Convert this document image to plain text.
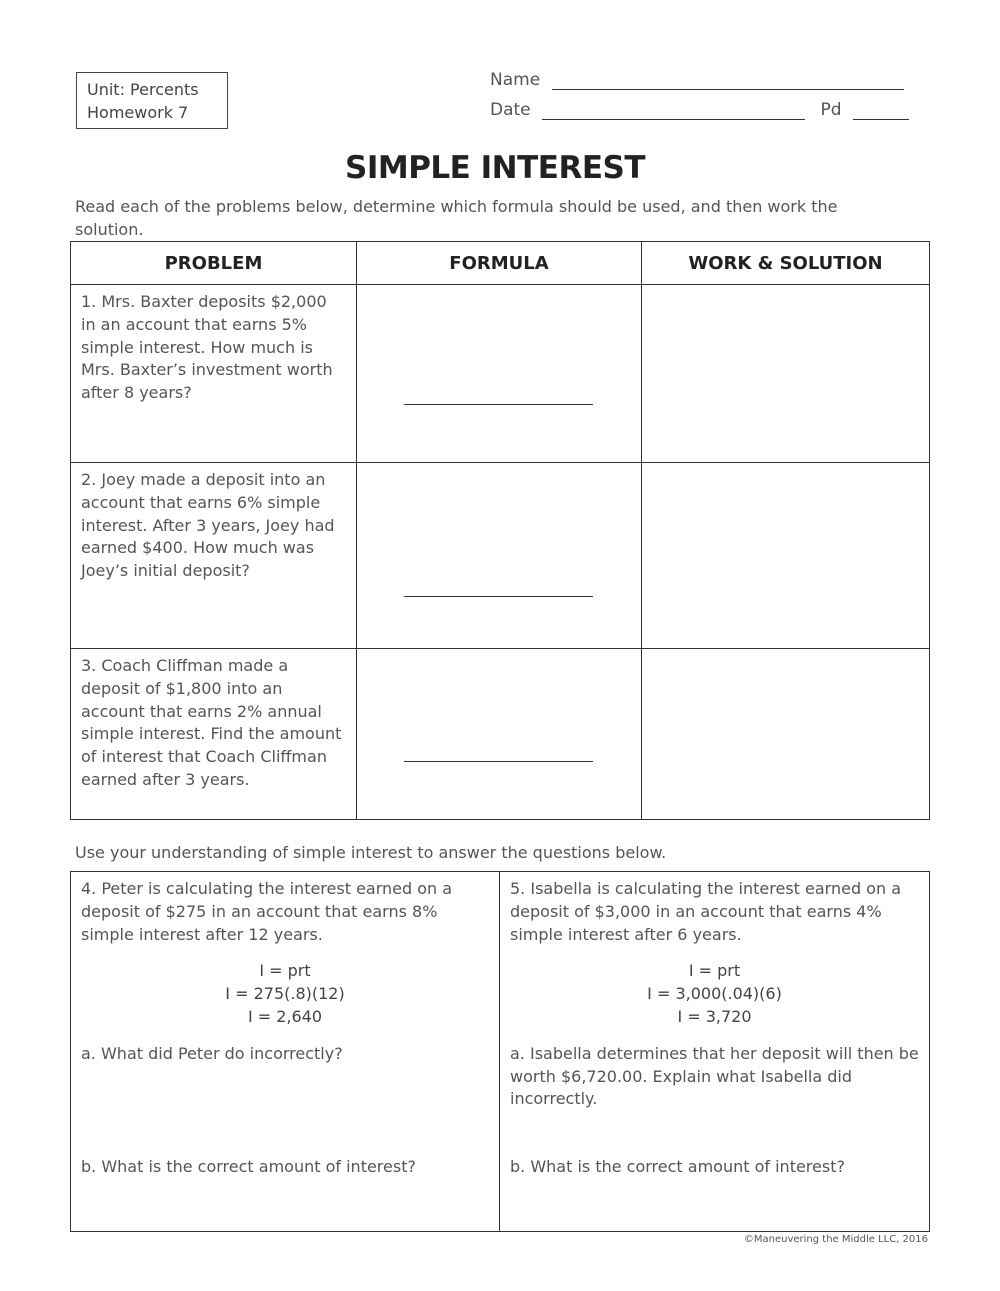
Unit: Percents
Homework 7
Name
Date	Pd
SIMPLE INTEREST
Read each of the problems below, determine which formula should be used, and then work the solution.
PROBLEM	FORMULA	WORK & SOLUTION
1. Mrs. Baxter deposits $2,000 in an account that earns 5% simple interest. How much is Mrs. Baxter’s investment worth after 8 years?	

2. Joey made a deposit into an account that earns 6% simple interest. After 3 years, Joey had earned $400. How much was Joey’s initial deposit?	

3. Coach Cliffman made a deposit of $1,800 into an account that earns 2% annual simple interest. Find the amount of interest that Coach Cliffman earned after 3 years.	

Use your understanding of simple interest to answer the questions below.
4. Peter is calculating the interest earned on a deposit of $275 in an account that earns 8% simple interest after 12 years.
I = prt
I = 275(.8)(12)
I = 2,640
a. What did Peter do incorrectly?
b. What is the correct amount of interest?

5. Isabella is calculating the interest earned on a deposit of $3,000 in an account that earns 4% simple interest after 6 years.
I = prt
I = 3,000(.04)(6)
I = 3,720
a. Isabella determines that her deposit will then be worth $6,720.00. Explain what Isabella did incorrectly.
b. What is the correct amount of interest?
©Maneuvering the Middle LLC, 2016
